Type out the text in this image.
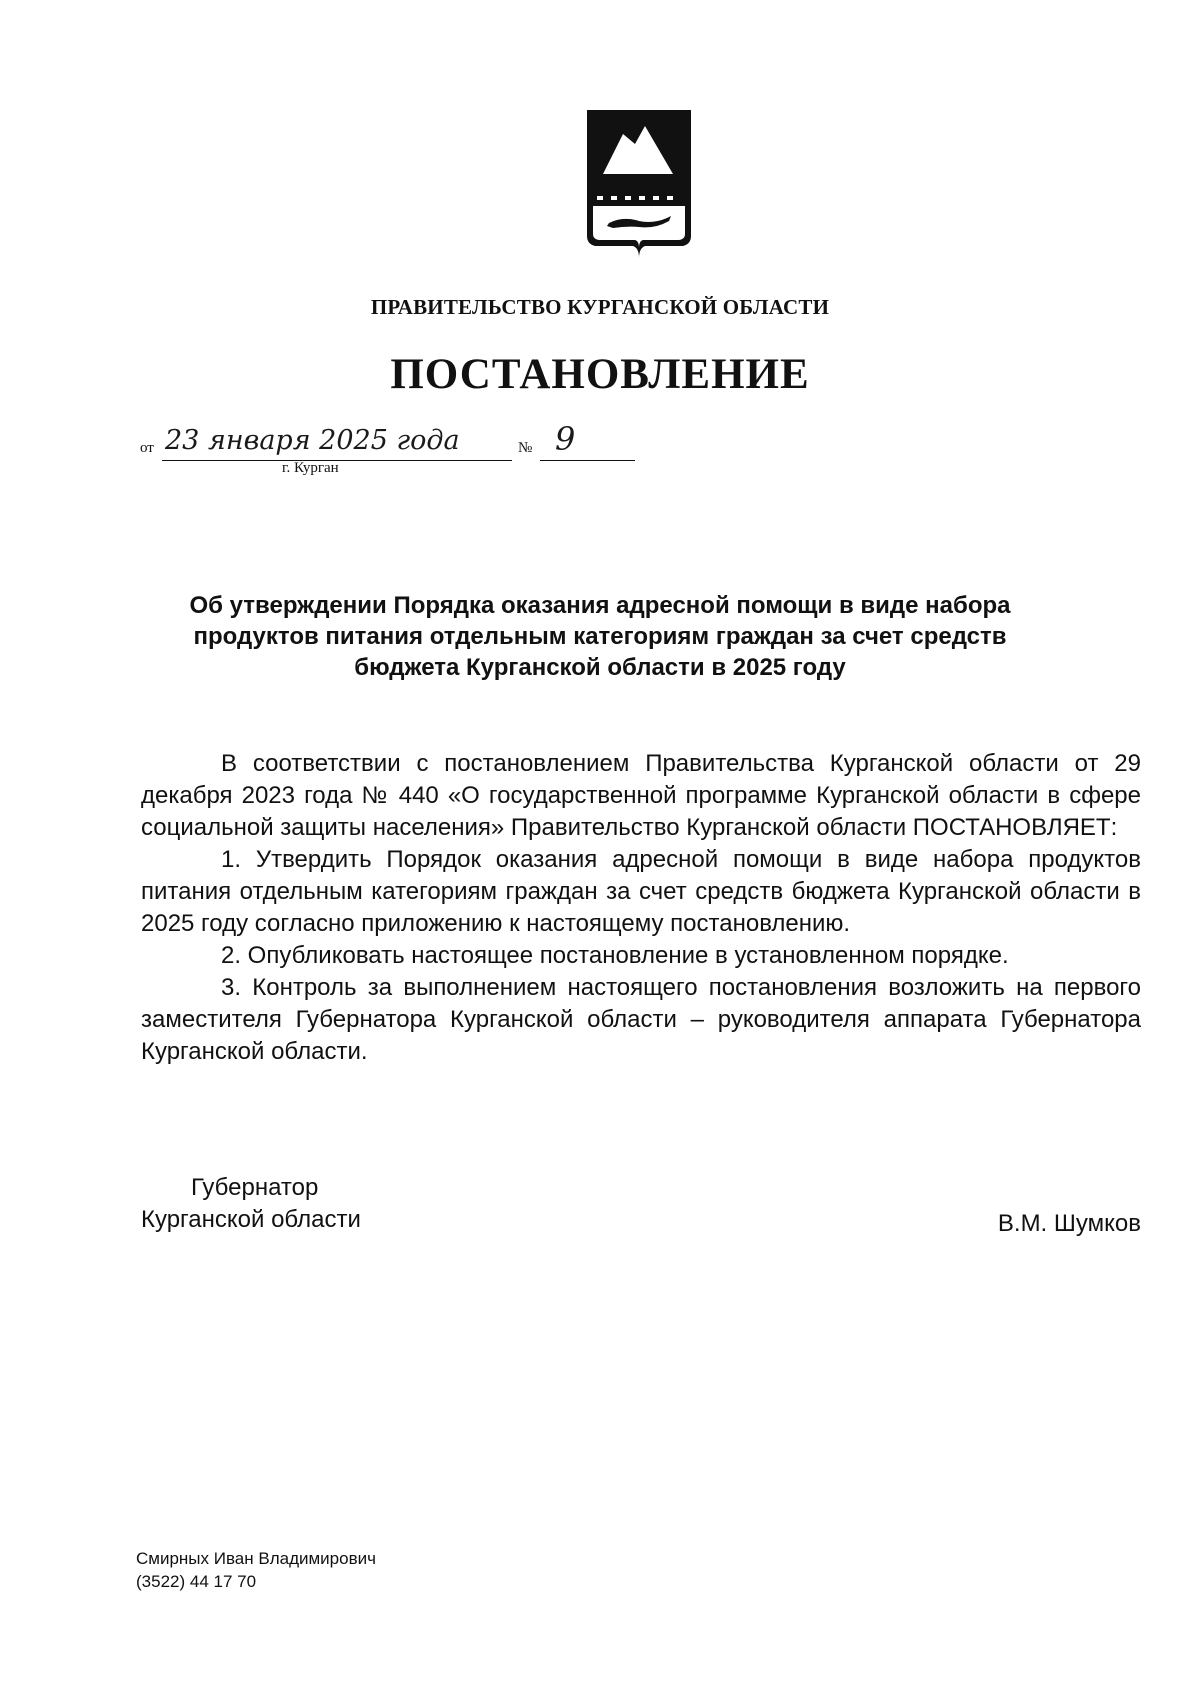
ПРАВИТЕЛЬСТВО КУРГАНСКОЙ ОБЛАСТИ
ПОСТАНОВЛЕНИЕ
от 23 января 2025 года	№ 9
г. Курган
Об утверждении Порядка оказания адресной помощи в виде набора
продуктов питания отдельным категориям граждан за счет средств
бюджета Курганской области в 2025 году

В соответствии с постановлением Правительства Курганской области от 29 декабря 2023 года № 440 «О государственной программе Курганской области в сфере социальной защиты населения» Правительство Курганской области ПОСТАНОВЛЯЕТ:

1. Утвердить Порядок оказания адресной помощи в виде набора продуктов питания отдельным категориям граждан за счет средств бюджета Курганской области в 2025 году согласно приложению к настоящему постановлению.

2. Опубликовать настоящее постановление в установленном порядке.

3. Контроль за выполнением настоящего постановления возложить на первого заместителя Губернатора Курганской области – руководителя аппарата Губернатора Курганской области.

Губернатор
Курганской области	В.М. Шумков
Смирных Иван Владимирович
(3522) 44 17 70
